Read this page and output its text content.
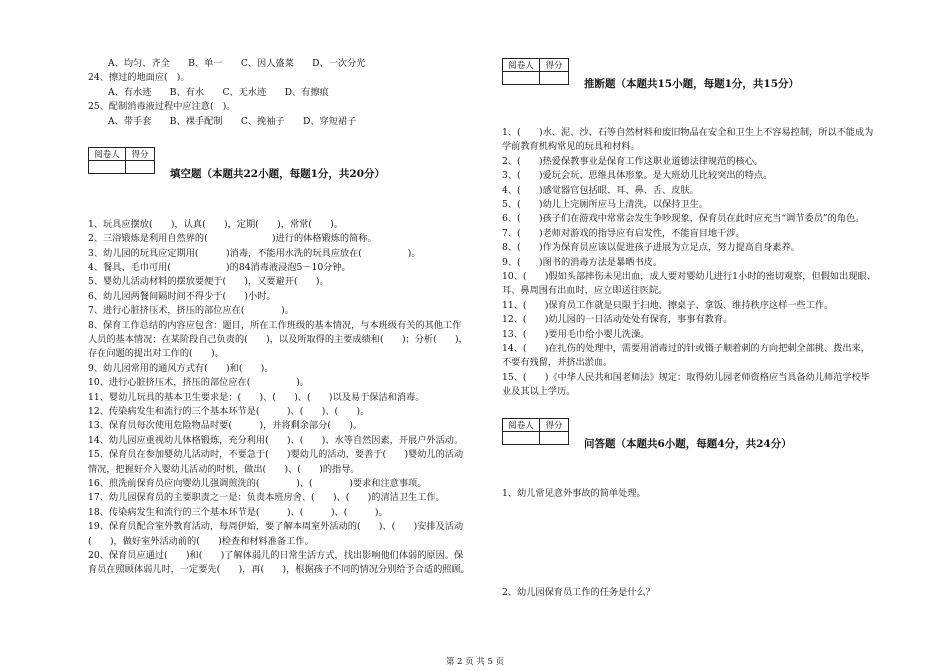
A、均匀、齐全　　B、单一　　C、因人盛菜　　D、一次分光
24、擦过的地面应(　)。
A、有水迹　　B、有水　　C、无水迹　　D、有擦痕
25、配制消毒液过程中应注意(　)。
A、带手套　　B、裸手配制　　C、挽袖子　　D、穿短裙子
阅卷人	得分

填空题（本题共22小题，每题1分，共20分）
1、玩具应摆放(　　)，认真(　　)，定期(　　)，常常(　　)。
2、三浴锻炼是利用自然界的(　　　　　　　)进行的体格锻炼的简称。
3、幼儿园的玩具应定期用(　　　)消毒，不能用水洗的玩具应放在(　　　　　)。
4、餐具、毛巾可用(　　　　　　)的84消毒液浸泡5－10分钟。
5、婴幼儿活动材料的摆放要便于(　　)，又要避开(　　)。
6、幼儿园两餐间隔时间不得少于(　　)小时。
7、进行心脏挤压术，挤压的部位应在(　　　　)。
8、保育工作总结的内容应包含：题目，所在工作班级的基本情况，与本班级有关的其他工作
人员的基本情况；在某阶段自己负责的(　　)，以及所取得的主要成绩和(　　)；分析(　　)，
存在问题的提出对工作的(　　)。
9、幼儿园常用的通风方式有(　　)和(　　)。
10、进行心脏挤压术，挤压的部位应在(　　　　　)。
11、婴幼儿玩具的基本卫生要求是：(　　)、(　　)、(　　)以及易于保洁和消毒。
12、传染病发生和流行的三个基本环节是(　　　)、(　　)、(　　)。
13、保育员每次使用危险物品时要(　　　)，并将剩余部分(　　)。
14、幼儿园应重视幼儿体格锻炼，充分利用(　　)、(　　)、水等自然因素，开展户外活动。
15、保育员在参加婴幼儿活动时，不要急于(　　)婴幼儿的活动，要善于(　　)婴幼儿的活动
情况，把握好介入婴幼儿活动的时机，做出(　　)、(　　)的指导。
16、煎洗前保育员应向婴幼儿强调煎洗的(　　　　)、(　　　　)要求和注意事项。
17、幼儿园保育员的主要职责之一是：负责本班房舍、(　　)、(　　)的清洁卫生工作。
18、传染病发生和流行的三个基本环节是(　　　)、(　　　)、(　　　)。
19、保育员配合室外教育活动，每周伊始，要了解本周室外活动的(　　)、(　　)安排及活动
(　　)，做好室外活动前的(　　)检查和材料准备工作。
20、保育员应通过(　　)和(　　)了解体弱儿的日常生活方式，找出影响他们体弱的原因。保
育员在照顾体弱儿时，一定要先(　　)，再(　　)，根据孩子不同的情况分别给予合适的照顾。
阅卷人	得分

推断题（本题共15小题，每题1分，共15分）
1、(　　)水、泥、沙、石等自然材料和废旧物品在安全和卫生上不容易控制，所以不能成为
学前教育机构常见的玩具和材料。
2、(　　)热爱保教事业是保育工作这职业道德法律规范的核心。
3、(　　)爱玩会玩、思维具体形象。是大班幼儿比较突出的特点。
4、(　　)感觉器官包括眼、耳、鼻、舌、皮肤。
5、(　　)幼儿上完厕所应马上清洗，以保持卫生。
6、(　　)孩子们在游戏中常常会发生争吵现象，保育员在此时应充当“调节委员”的角色。
7、(　　)老师对游戏的指导应有启发性，不能盲目地干涉。
8、(　　)作为保育员应该以促进孩子进展为立足点，努力提高自身素养。
9、(　　)图书的消毒方法是暴晒书皮。
10、(　　)假如头部摔伤未见出血，成人要对婴幼儿进行1小时的密切观察，但假如出现眼、
耳、鼻周围有出血时，应立即送往医院。
11、(　　)保育员工作就是只限于扫地、擦桌子、拿饭、维持秩序这样一些工作。
12、(　　)幼儿园的一日活动处处有保育，事事有教育。
13、(　　)要用毛巾给小婴儿洗澡。
14、(　　)在扎伤的处理中，需要用消毒过的针或镊子顺着刺的方向把刺全部挑、拨出来，
不要有残留，并挤出淤血。
15、(　　)《中华人民共和国老师法》规定：取得幼儿园老师资格应当具备幼儿师范学校毕
业及其以上学历。
阅卷人	得分

问答题（本题共6小题，每题4分，共24分）
1、幼儿常见意外事故的简单处理。
2、幼儿园保育员工作的任务是什么？
第 2 页 共 5 页
